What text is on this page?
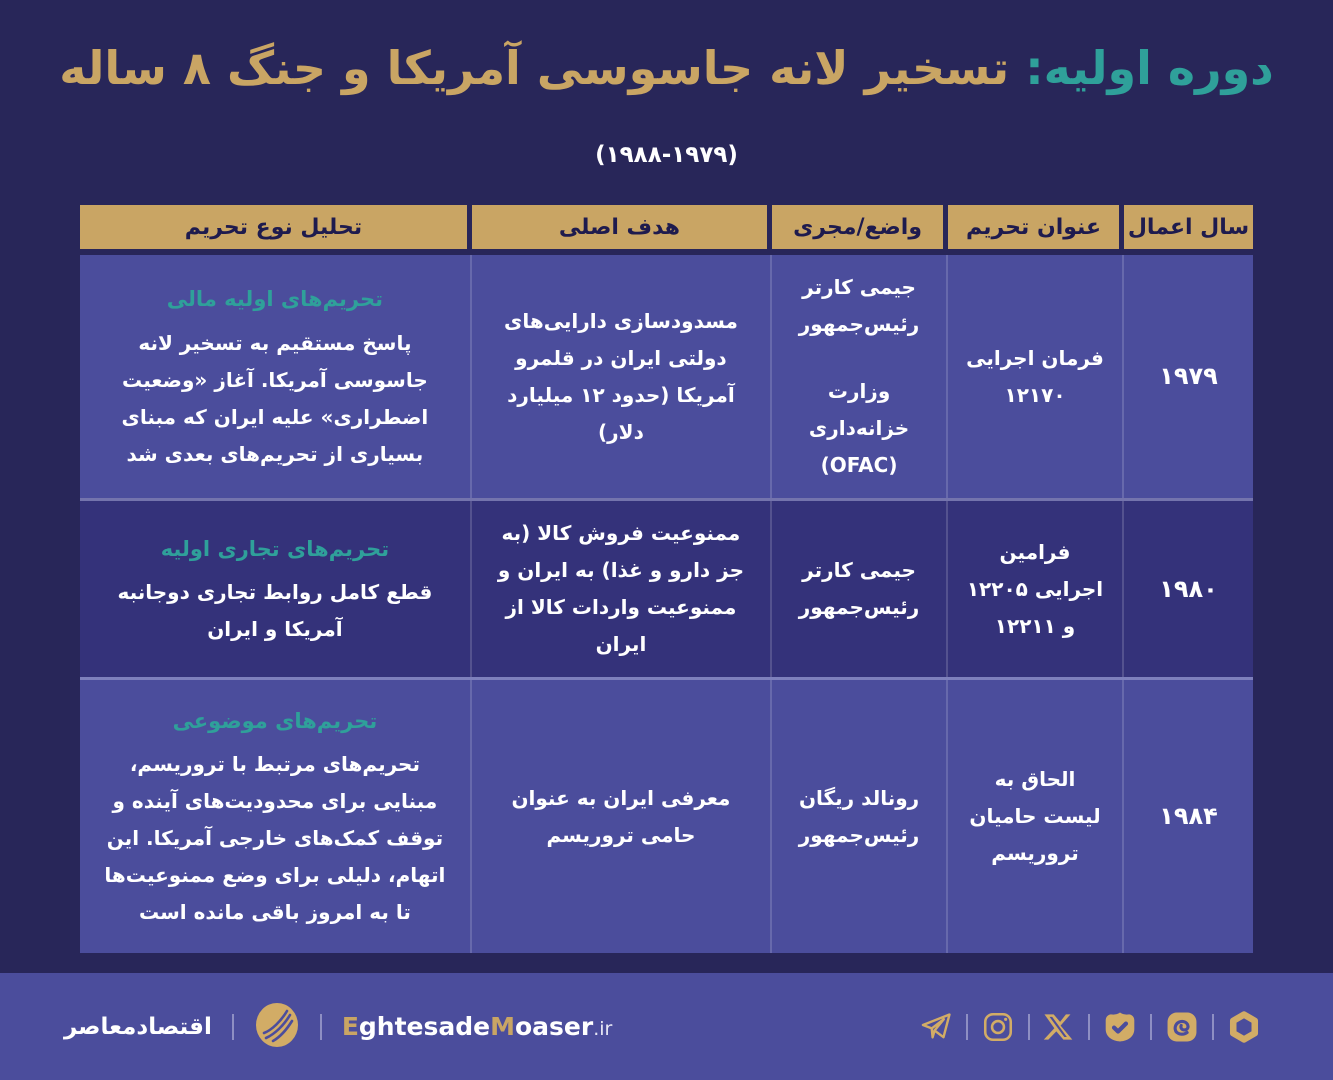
دوره اولیه: تسخیر لانه جاسوسی آمریکا و جنگ ۸ ساله
(۱۹۸۸-۱۹۷۹)
سال اعمال
عنوان تحریم
واضع/مجری
هدف اصلی
تحلیل نوع تحریم
۱۹۷۹
فرمان اجرایی ۱۲۱۷۰
جیمی کارتر رئیس‌جمهور
وزارت خزانه‌داری (OFAC)
مسدودسازی دارایی‌های دولتی ایران در قلمرو آمریکا (حدود ۱۲ میلیارد دلار)
تحریم‌های اولیه مالی
پاسخ مستقیم به تسخیر لانه جاسوسی آمریکا. آغاز «وضعیت اضطراری» علیه ایران که مبنای بسیاری از تحریم‌های بعدی شد
۱۹۸۰
فرامین اجرایی ۱۲۲۰۵ و ۱۲۲۱۱
جیمی کارتر رئیس‌جمهور
ممنوعیت فروش کالا (به جز دارو و غذا) به ایران و ممنوعیت واردات کالا از ایران
تحریم‌های تجاری اولیه
قطع کامل روابط تجاری دوجانبه آمریکا و ایران
۱۹۸۴
الحاق به لیست حامیان تروریسم
رونالد ریگان رئیس‌جمهور
معرفی ایران به عنوان حامی تروریسم
تحریم‌های موضوعی
تحریم‌های مرتبط با تروریسم، مبنایی برای محدودیت‌های آینده و توقف کمک‌های خارجی آمریکا. این اتهام، دلیلی برای وضع ممنوعیت‌ها تا به امروز باقی مانده است
اقتصادمعاصر	EghtesadeMoaser.ir
